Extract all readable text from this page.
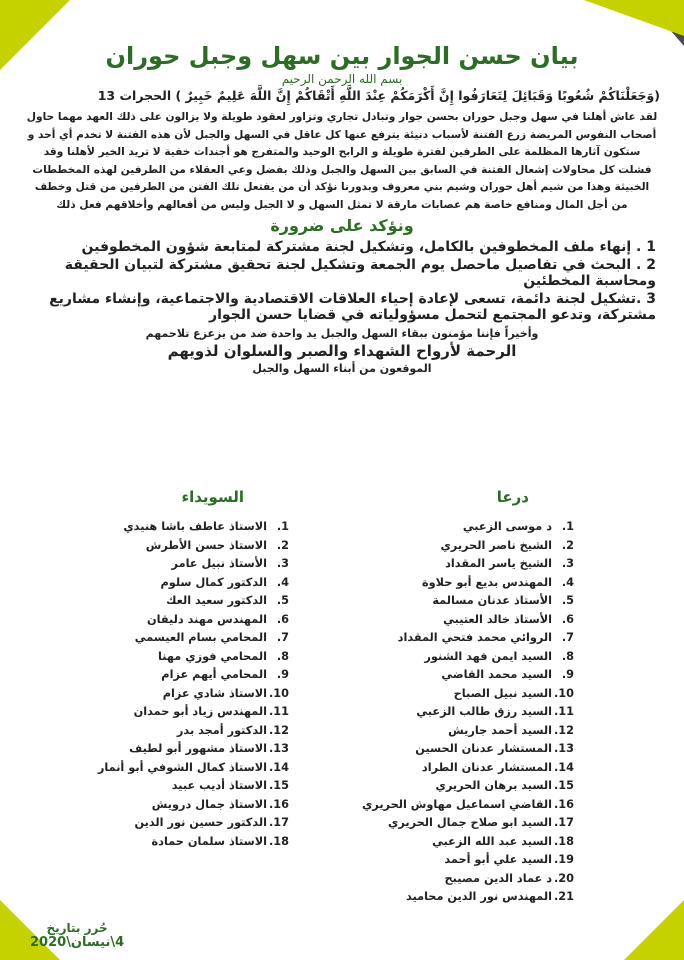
بيان حسن الجوار بين سهل وجبل حوران
بسم الله الرحمن الرحيم
(وَجَعَلْنَاكُمْ شُعُوبًا وَقَبَائِلَ لِتَعَارَفُوا إِنَّ أَكْرَمَكُمْ عِنْدَ اللَّهِ أَتْقَاكُمْ إِنَّ اللَّهَ عَلِيمٌ خَبِيرٌ ) الحجرات 13
لقد عاش أهلنا في سهل وجبل حوران بحسن جوار وتبادل تجاري وتزاور لعقود طويلة ولا يزالون على ذلك العهد مهما حاول أصحاب النفوس المريضة زرع الفتنة لأسباب دنيئة يترفع عنها كل عاقل في السهل والجبل لأن هذه الفتنة لا تخدم أي أحد و ستكون آثارها المظلمة على الطرفين لفترة طويلة و الرابح الوحيد والمتفرج هو أجندات خفية لا تريد الخير لأهلنا وقد فشلت كل محاولات إشعال الفتنة في السابق بين السهل والجبل وذلك بفضل وعي العقلاء من الطرفين لهذه المخططات الخبيثة وهذا من شيم أهل حوران وشيم بني معروف وبدورنا نؤكد أن من يفتعل تلك الفتن من الطرفين من قتل وخطف من أجل المال ومنافع خاصة هم عصابات مارقة لا تمثل السهل و لا الجبل وليس من أفعالهم وأخلاقهم فعل ذلك
ونؤكد على ضرورة
1 . إنهاء ملف المخطوفين بالكامل، وتشكيل لجنة مشتركة لمتابعة شؤون المخطوفين
2 . البحث في تفاصيل ماحصل يوم الجمعة وتشكيل لجنة تحقيق مشتركة لتبيان الحقيقة ومحاسبة المخطئين
3 .تشكيل لجنة دائمة، تسعى لإعادة إحياء العلاقات الاقتصادية والاجتماعية، وإنشاء مشاريع مشتركة، وتدعو المجتمع لتحمل مسؤولياته في قضايا حسن الجوار
وأخيراً فإننا مؤمنون ببقاء السهل والجبل يد واحدة ضد من يزعزع تلاحمهم
الرحمة لأرواح الشهداء والصبر والسلوان لذويهم
الموقعون من أبناء السهل والجبل
درعا
1.د موسى الزعبي
2.الشيخ ناصر الحريري
3.الشيخ ياسر المقداد
4.المهندس بديع أبو حلاوة
5.الأستاذ عدنان مسالمة
6.الأستاذ خالد العتيبي
7.الروائي محمد فتحي المقداد
8.السيد ايمن فهد الشنور
9.السيد محمد القاضي
10.السيد نبيل الصباح
11.السيد رزق طالب الزعبي
12.السيد أحمد جاريش
13.المستشار عدنان الحسين
14.المستشار عدنان الطراد
15.السيد برهان الحريري
16.القاضي اسماعيل مهاوش الحريري
17.السيد ابو صلاح جمال الحريري
18.السيد عبد الله الزعبي
19.السيد علي أبو أحمد
20.د عماد الدين مصيبح
21.المهندس نور الدين محاميد
السويداء
1.الاستاذ عاطف باشا هنيدي
2.الاستاذ حسن الأطرش
3.الأستاذ نبيل عامر
4.الدكتور كمال سلوم
5.الدكتور سعيد العك
6.المهندس مهند دليقان
7.المحامي بسام العيسمي
8.المحامي فوزي مهنا
9.المحامي أيهم عزام
10.الاستاذ شادي عزام
11.المهندس زياد أبو حمدان
12.الدكتور أمجد بدر
13.الاستاذ مشهور أبو لطيف
14.الاستاذ كمال الشوفي أبو أنمار
15.الاستاذ أديب عبيد
16.الاستاذ جمال درويش
17.الدكتور حسين نور الدين
18.الاستاذ سلمان حمادة
حُرر بتاريخ
4\نيسان\2020
